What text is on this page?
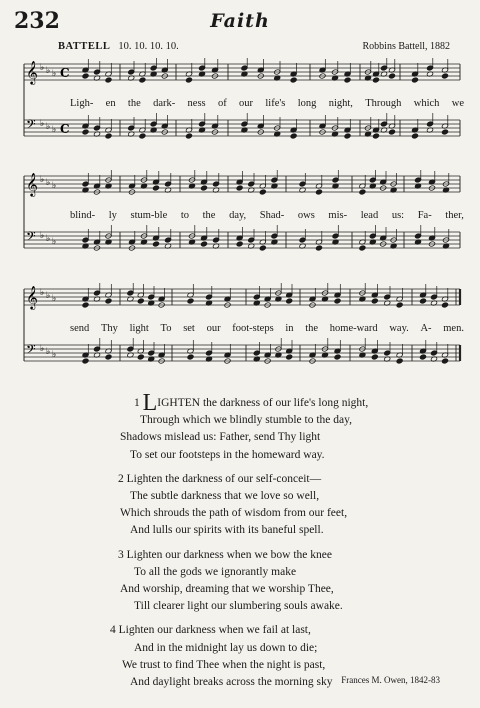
232	Faith
BATTELL 10. 10. 10. 10.	Robbins Battell, 1882
𝄞 ♭ ♭ ♭ C
𝄢 ♭ ♭ ♭ C
Ligh- en the dark- ness of our life's long night, Through which we
𝄞 ♭ ♭ ♭
𝄢 ♭ ♭ ♭
blind- ly stum-ble to the day, Shad- ows mis- lead us: Fa- ther,
𝄞 ♭ ♭ ♭
𝄢 ♭ ♭ ♭
send Thy light To set our foot-steps in the home-ward way. A- men.
1 LIGHTEN the darkness of our life's long night,
Through which we blindly stumble to the day,
Shadows mislead us: Father, send Thy light
To set our footsteps in the homeward way.
2 Lighten the darkness of our self-conceit—
The subtle darkness that we love so well,
Which shrouds the path of wisdom from our feet,
And lulls our spirits with its baneful spell.
3 Lighten our darkness when we bow the knee
To all the gods we ignorantly make
And worship, dreaming that we worship Thee,
Till clearer light our slumbering souls awake.
4 Lighten our darkness when we fail at last,
And in the midnight lay us down to die;
We trust to find Thee when the night is past,
And daylight breaks across the morning sky Frances M. Owen, 1842-83
